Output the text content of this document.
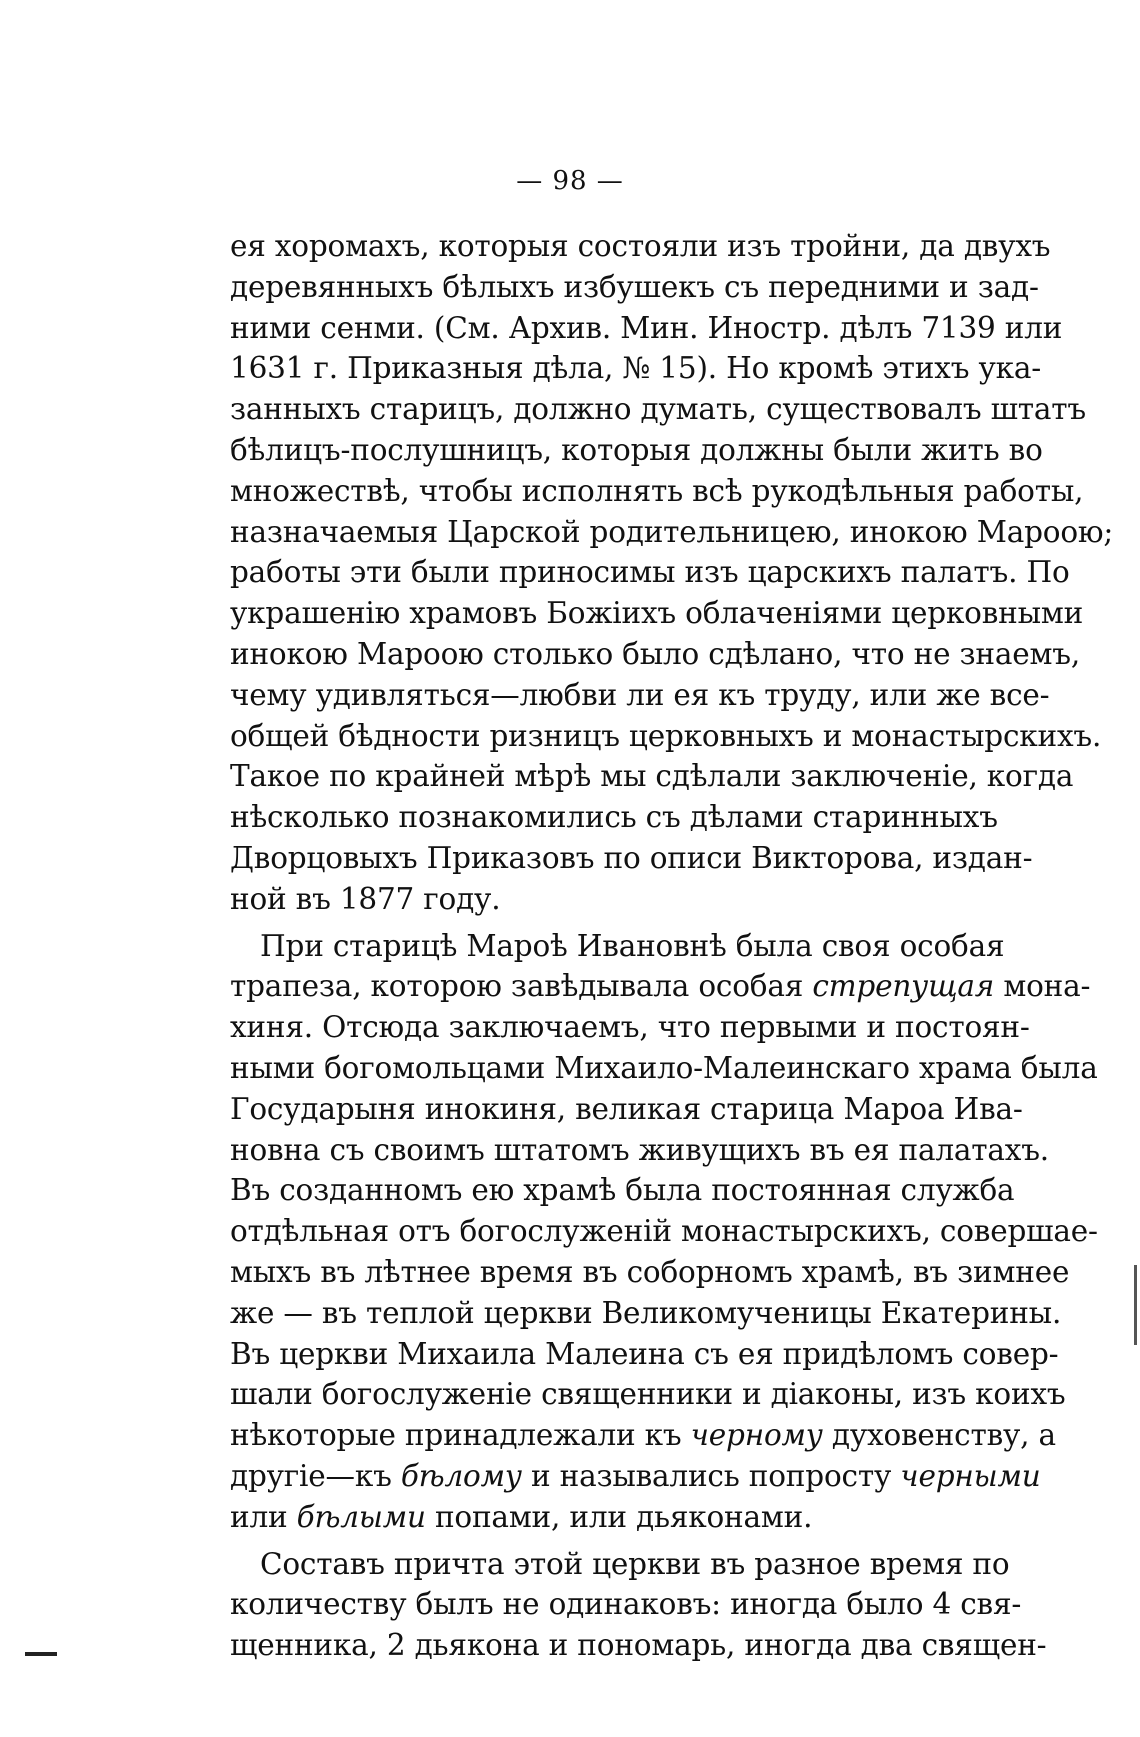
— 98 —
ея хоромахъ, которыя состояли изъ тройни, да двухъ
деревянныхъ бѣлыхъ избушекъ съ передними и зад-
ними сенми. (См. Архив. Мин. Иностр. дѣлъ 7139 или
1631 г. Приказныя дѣла, № 15). Но кромѣ этихъ ука-
занныхъ старицъ, должно думать, существовалъ штатъ
бѣлицъ-послушницъ, которыя должны были жить во
множествѣ, чтобы исполнять всѣ рукодѣльныя работы,
назначаемыя Царской родительницею, инокою Мароою;
работы эти были приносимы изъ царскихъ палатъ. По
украшенiю храмовъ Божiихъ облаченiями церковными
инокою Мароою столько было сдѣлано, что не знаемъ,
чему удивляться—любви ли ея къ труду, или же все-
общей бѣдности ризницъ церковныхъ и монастырскихъ.
Такое по крайней мѣрѣ мы сдѣлали заключенiе, когда
нѣсколько познакомились съ дѣлами старинныхъ
Дворцовыхъ Приказовъ по описи Викторова, издан-
ной въ 1877 году.
При старицѣ Мароѣ Ивановнѣ была своя особая
трапеза, которою завѣдывала особая стрепущая мона-
хиня. Отсюда заключаемъ, что первыми и постоян-
ными богомольцами Михаило-Малеинскаго храма была
Государыня инокиня, великая старица Мароа Ива-
новна съ своимъ штатомъ живущихъ въ ея палатахъ.
Въ созданномъ ею храмѣ была постоянная служба
отдѣльная отъ богослуженiй монастырскихъ, совершае-
мыхъ въ лѣтнее время въ соборномъ храмѣ, въ зимнее
же — въ теплой церкви Великомученицы Екатерины.
Въ церкви Михаила Малеина съ ея придѣломъ совер-
шали богослуженiе священники и дiаконы, изъ коихъ
нѣкоторые принадлежали къ черному духовенству, а
другiе—къ бѣлому и назывались попросту черными
или бѣлыми попами, или дьяконами.
Составъ причта этой церкви въ разное время по
количеству былъ не одинаковъ: иногда было 4 свя-
щенника, 2 дьякона и пономарь, иногда два священ-
